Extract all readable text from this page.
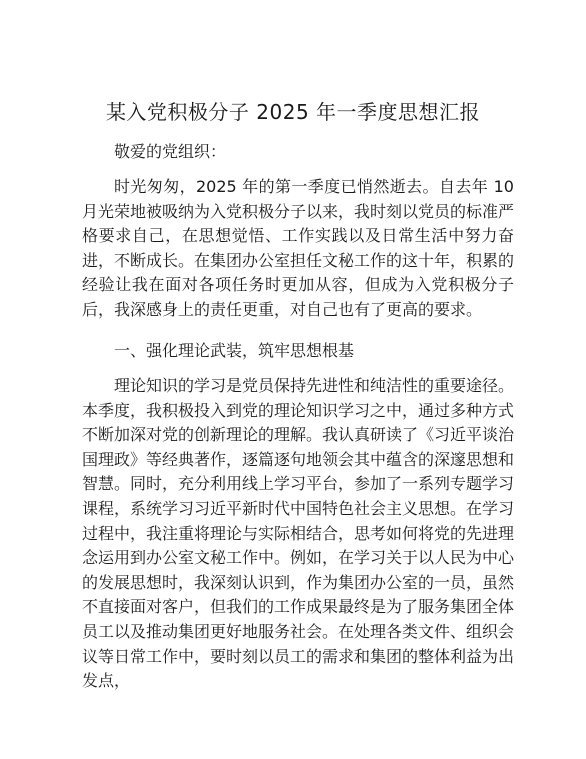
某入党积极分子 2025 年一季度思想汇报

敬爱的党组织：

时光匆匆，2025 年的第一季度已悄然逝去。自去年 10 月光荣地被吸纳为入党积极分子以来，我时刻以党员的标准严格要求自己，在思想觉悟、工作实践以及日常生活中努力奋进，不断成长。在集团办公室担任文秘工作的这十年，积累的经验让我在面对各项任务时更加从容，但成为入党积极分子后，我深感身上的责任更重，对自己也有了更高的要求。

一、强化理论武装，筑牢思想根基

理论知识的学习是党员保持先进性和纯洁性的重要途径。本季度，我积极投入到党的理论知识学习之中，通过多种方式不断加深对党的创新理论的理解。我认真研读了《习近平谈治国理政》等经典著作，逐篇逐句地领会其中蕴含的深邃思想和智慧。同时，充分利用线上学习平台，参加了一系列专题学习课程，系统学习习近平新时代中国特色社会主义思想。在学习过程中，我注重将理论与实际相结合，思考如何将党的先进理念运用到办公室文秘工作中。例如，在学习关于以人民为中心的发展思想时，我深刻认识到，作为集团办公室的一员，虽然不直接面对客户，但我们的工作成果最终是为了服务集团全体员工以及推动集团更好地服务社会。在处理各类文件、组织会议等日常工作中，要时刻以员工的需求和集团的整体利益为出发点，
